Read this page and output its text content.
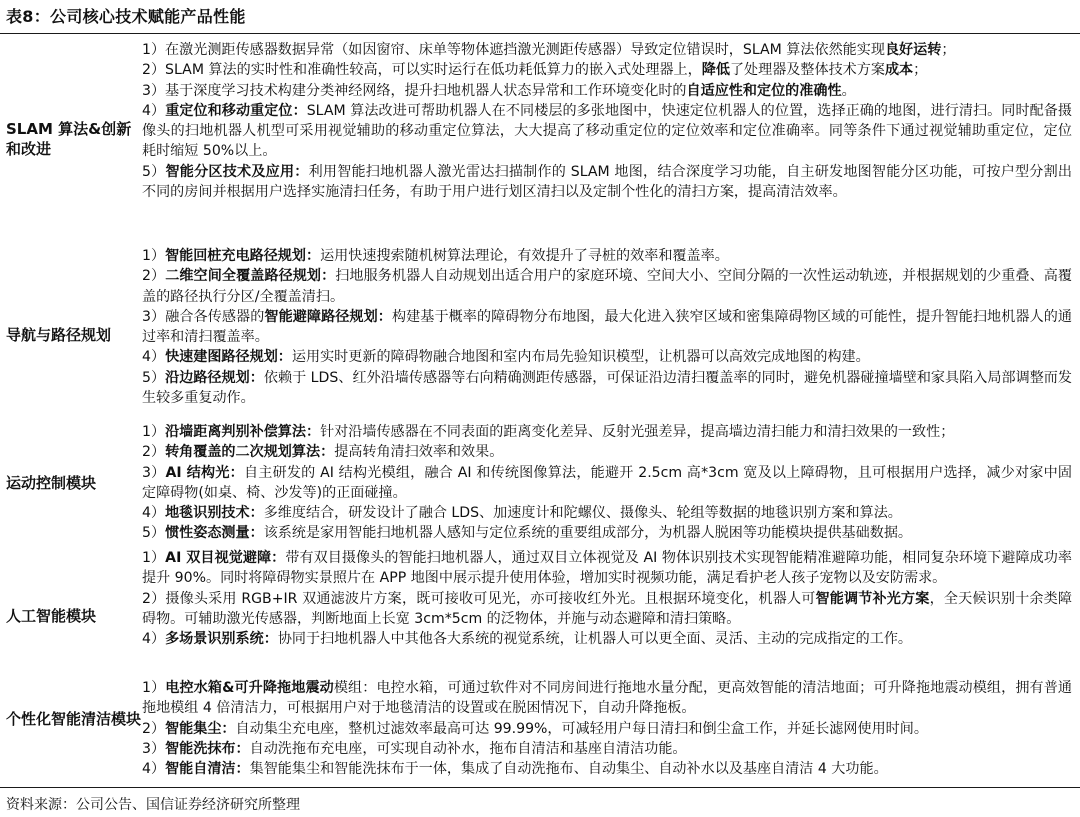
表8：公司核心技术赋能产品性能
SLAM 算法&创新和改进
1）在激光测距传感器数据异常（如因窗帘、床单等物体遮挡激光测距传感器）导致定位错误时，SLAM 算法依然能实现良好运转；
2）SLAM 算法的实时性和准确性较高，可以实时运行在低功耗低算力的嵌入式处理器上，降低了处理器及整体技术方案成本；
3）基于深度学习技术构建分类神经网络，提升扫地机器人状态异常和工作环境变化时的自适应性和定位的准确性。
4）重定位和移动重定位：SLAM 算法改进可帮助机器人在不同楼层的多张地图中，快速定位机器人的位置，选择正确的地图，进行清扫。同时配备摄像头的扫地机器人机型可采用视觉辅助的移动重定位算法，大大提高了移动重定位的定位效率和定位准确率。同等条件下通过视觉辅助重定位，定位耗时缩短 50%以上。
5）智能分区技术及应用：利用智能扫地机器人激光雷达扫描制作的 SLAM 地图，结合深度学习功能，自主研发地图智能分区功能，可按户型分割出不同的房间并根据用户选择实施清扫任务，有助于用户进行划区清扫以及定制个性化的清扫方案，提高清洁效率。
导航与路径规划
1）智能回桩充电路径规划：运用快速搜索随机树算法理论，有效提升了寻桩的效率和覆盖率。
2）二维空间全覆盖路径规划：扫地服务机器人自动规划出适合用户的家庭环境、空间大小、空间分隔的一次性运动轨迹，并根据规划的少重叠、高覆盖的路径执行分区/全覆盖清扫。
3）融合各传感器的智能避障路径规划：构建基于概率的障碍物分布地图，最大化进入狭窄区域和密集障碍物区域的可能性，提升智能扫地机器人的通过率和清扫覆盖率。
4）快速建图路径规划：运用实时更新的障碍物融合地图和室内布局先验知识模型，让机器可以高效完成地图的构建。
5）沿边路径规划：依赖于 LDS、红外沿墙传感器等右向精确测距传感器，可保证沿边清扫覆盖率的同时，避免机器碰撞墙壁和家具陷入局部调整而发生较多重复动作。
运动控制模块
1）沿墙距离判别补偿算法：针对沿墙传感器在不同表面的距离变化差异、反射光强差异，提高墙边清扫能力和清扫效果的一致性；
2）转角覆盖的二次规划算法：提高转角清扫效率和效果。
3）AI 结构光：自主研发的 AI 结构光模组，融合 AI 和传统图像算法，能避开 2.5cm 高*3cm 宽及以上障碍物，且可根据用户选择，减少对家中固定障碍物(如桌、椅、沙发等)的正面碰撞。
4）地毯识别技术：多维度结合，研发设计了融合 LDS、加速度计和陀螺仪、摄像头、轮组等数据的地毯识别方案和算法。
5）惯性姿态测量：该系统是家用智能扫地机器人感知与定位系统的重要组成部分，为机器人脱困等功能模块提供基础数据。
人工智能模块
1）AI 双目视觉避障：带有双目摄像头的智能扫地机器人，通过双目立体视觉及 AI 物体识别技术实现智能精准避障功能，相同复杂环境下避障成功率提升 90%。同时将障碍物实景照片在 APP 地图中展示提升使用体验，增加实时视频功能，满足看护老人孩子宠物以及安防需求。
2）摄像头采用 RGB+IR 双通滤波片方案，既可接收可见光，亦可接收红外光。且根据环境变化，机器人可智能调节补光方案，全天候识别十余类障碍物。可辅助激光传感器，判断地面上长宽 3cm*5cm 的泛物体，并施与动态避障和清扫策略。
4）多场景识别系统：协同于扫地机器人中其他各大系统的视觉系统，让机器人可以更全面、灵活、主动的完成指定的工作。
个性化智能清洁模块
1）电控水箱&可升降拖地震动模组：电控水箱，可通过软件对不同房间进行拖地水量分配，更高效智能的清洁地面；可升降拖地震动模组，拥有普通拖地模组 4 倍清洁力，可根据用户对于地毯清洁的设置或在脱困情况下，自动升降拖板。
2）智能集尘：自动集尘充电座，整机过滤效率最高可达 99.99%，可减轻用户每日清扫和倒尘盒工作，并延长滤网使用时间。
3）智能洗抹布：自动洗拖布充电座，可实现自动补水，拖布自清洁和基座自清洁功能。
4）智能自清洁：集智能集尘和智能洗抹布于一体，集成了自动洗拖布、自动集尘、自动补水以及基座自清洁 4 大功能。
资料来源：公司公告、国信证券经济研究所整理
